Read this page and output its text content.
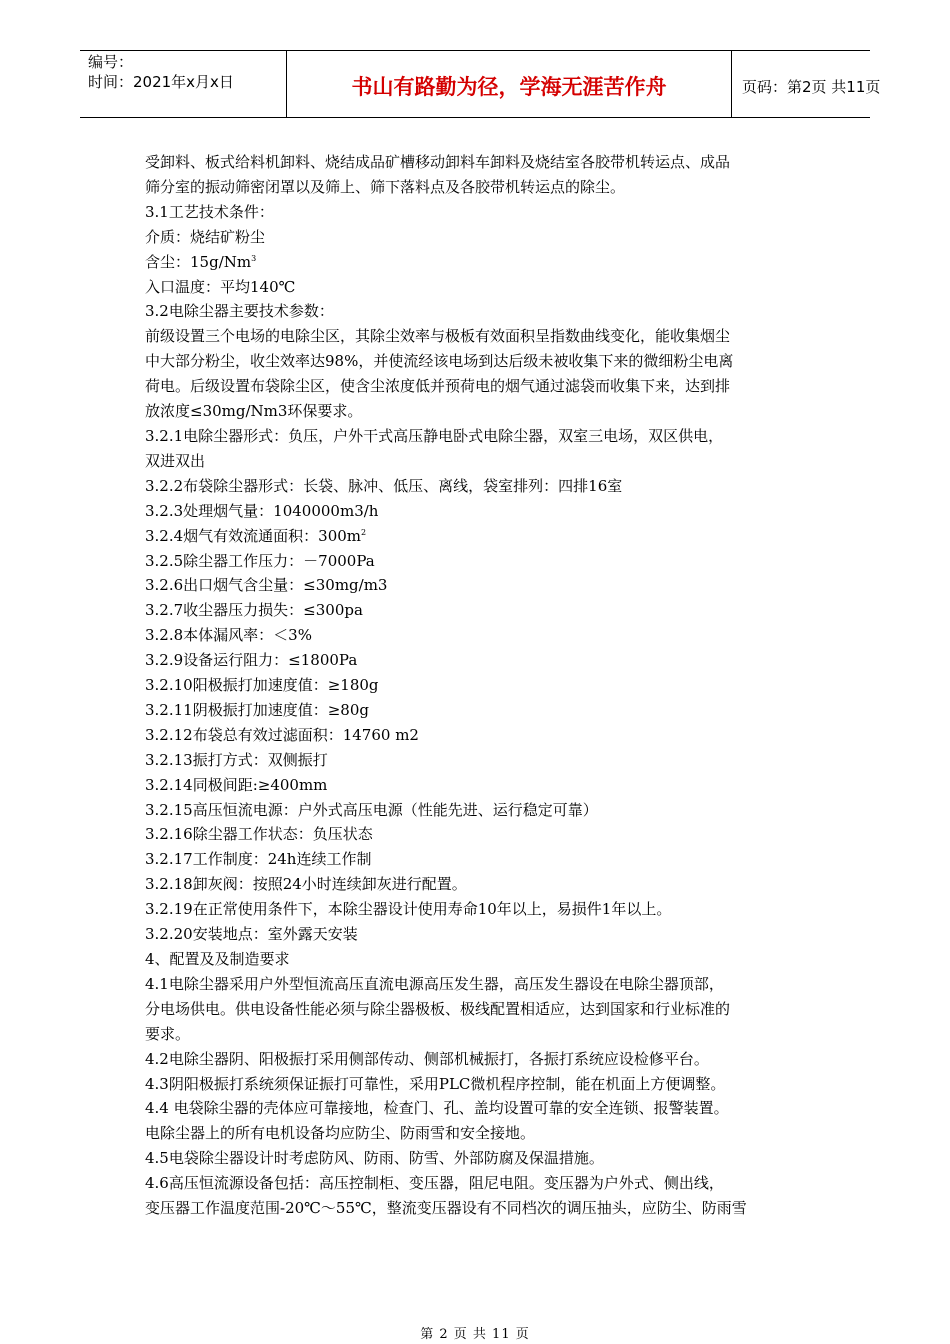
编号：
时间：2021年x月x日	书山有路勤为径，学海无涯苦作舟	页码：第2页 共11页

受卸料、板式给料机卸料、烧结成品矿槽移动卸料车卸料及烧结室各胶带机转运点、成品

筛分室的振动筛密闭罩以及筛上、筛下落料点及各胶带机转运点的除尘。

3.1工艺技术条件：

介质：烧结矿粉尘

含尘：15g/Nm$^3$

入口温度：平均140℃

3.2电除尘器主要技术参数：

前级设置三个电场的电除尘区，其除尘效率与极板有效面积呈指数曲线变化，能收集烟尘

中大部分粉尘，收尘效率达98%，并使流经该电场到达后级未被收集下来的微细粉尘电离

荷电。后级设置布袋除尘区，使含尘浓度低并预荷电的烟气通过滤袋而收集下来，达到排

放浓度≤30mg/Nm3环保要求。

3.2.1电除尘器形式：负压，户外干式高压静电卧式电除尘器，双室三电场，双区供电，

双进双出

3.2.2布袋除尘器形式：长袋、脉冲、低压、离线，袋室排列：四排16室

3.2.3处理烟气量：1040000m3/h

3.2.4烟气有效流通面积：$300m^2$

3.2.5除尘器工作压力：－7000Pa

3.2.6出口烟气含尘量：≤30mg/m3

3.2.7收尘器压力损失：≤300pa

3.2.8本体漏风率：＜3%

3.2.9设备运行阻力：≤1800Pa

3.2.10阳极振打加速度值：≥180g

3.2.11阴极振打加速度值：≥80g

3.2.12布袋总有效过滤面积：14760 m2

3.2.13振打方式：双侧振打

3.2.14同极间距:≥400mm

3.2.15高压恒流电源：户外式高压电源（性能先进、运行稳定可靠）

3.2.16除尘器工作状态：负压状态

3.2.17工作制度：24h连续工作制

3.2.18卸灰阀：按照24小时连续卸灰进行配置。

3.2.19在正常使用条件下，本除尘器设计使用寿命10年以上，易损件1年以上。

3.2.20安装地点：室外露天安装

4、配置及及制造要求

4.1电除尘器采用户外型恒流高压直流电源高压发生器，高压发生器设在电除尘器顶部，

分电场供电。供电设备性能必须与除尘器极板、极线配置相适应，达到国家和行业标准的

要求。

4.2电除尘器阴、阳极振打采用侧部传动、侧部机械振打，各振打系统应设检修平台。

4.3阴阳极振打系统须保证振打可靠性，采用PLC微机程序控制，能在机面上方便调整。

4.4 电袋除尘器的壳体应可靠接地，检查门、孔、盖均设置可靠的安全连锁、报警装置。

电除尘器上的所有电机设备均应防尘、防雨雪和安全接地。

4.5电袋除尘器设计时考虑防风、防雨、防雪、外部防腐及保温措施。

4.6高压恒流源设备包括：高压控制柜、变压器，阻尼电阻。变压器为户外式、侧出线，

变压器工作温度范围-20℃～55℃，整流变压器设有不同档次的调压抽头，应防尘、防雨雪

第 2 页 共 11 页
